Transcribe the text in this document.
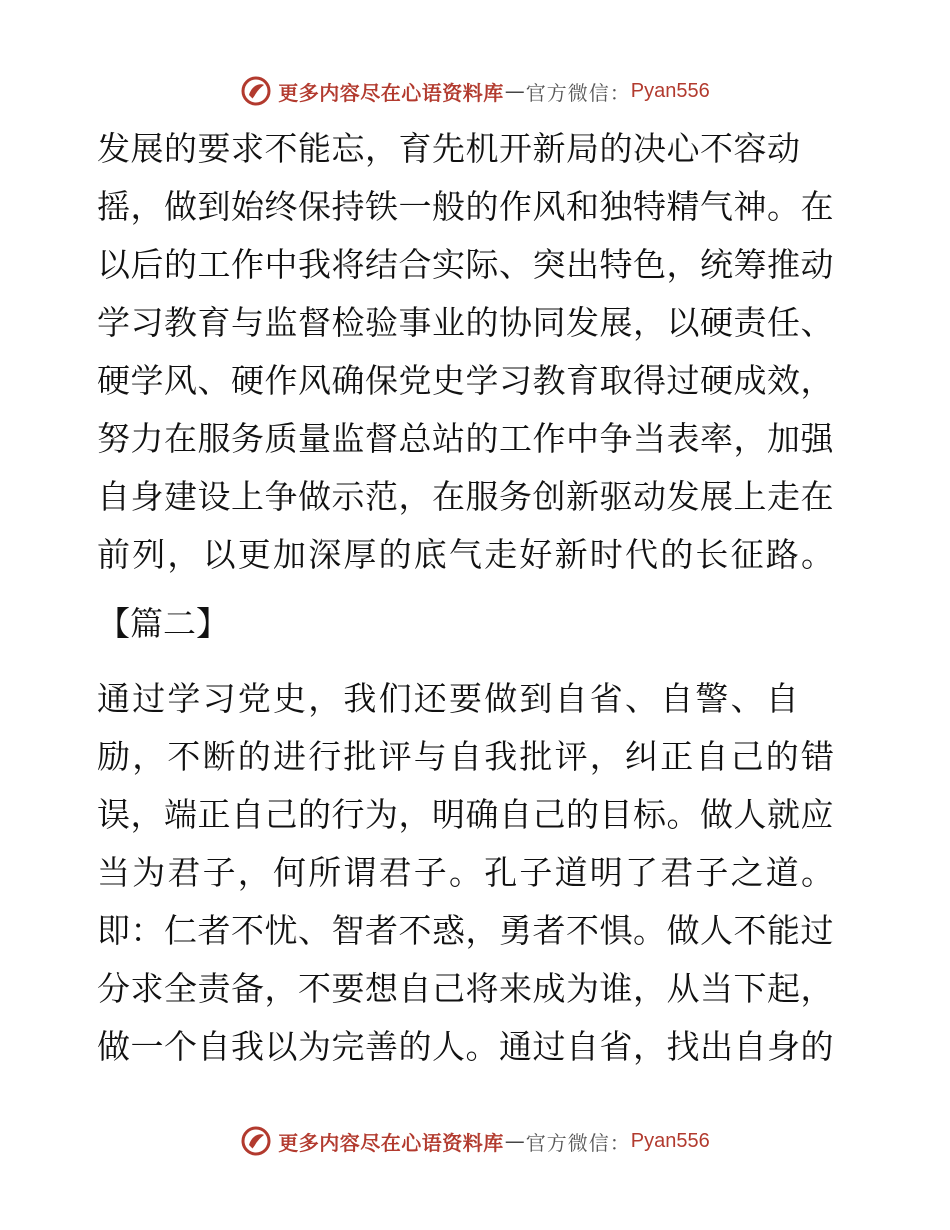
更多内容尽在心语资料库 — 官方微信： Pyan556
发展的要求不能忘，育先机开新局的决心不容动
摇，做到始终保持铁一般的作风和独特精气神。在
以后的工作中我将结合实际、突出特色，统筹推动
学习教育与监督检验事业的协同发展，以硬责任、
硬学风、硬作风确保党史学习教育取得过硬成效，
努力在服务质量监督总站的工作中争当表率，加强
自身建设上争做示范，在服务创新驱动发展上走在
前列，以更加深厚的底气走好新时代的长征路。
【篇二】
通过学习党史，我们还要做到自省、自警、自
励，不断的进行批评与自我批评，纠正自己的错
误，端正自己的行为，明确自己的目标。做人就应
当为君子，何所谓君子。孔子道明了君子之道。
即：仁者不忧、智者不惑，勇者不惧。做人不能过
分求全责备，不要想自己将来成为谁，从当下起，
做一个自我以为完善的人。通过自省，找出自身的
更多内容尽在心语资料库 — 官方微信： Pyan556
